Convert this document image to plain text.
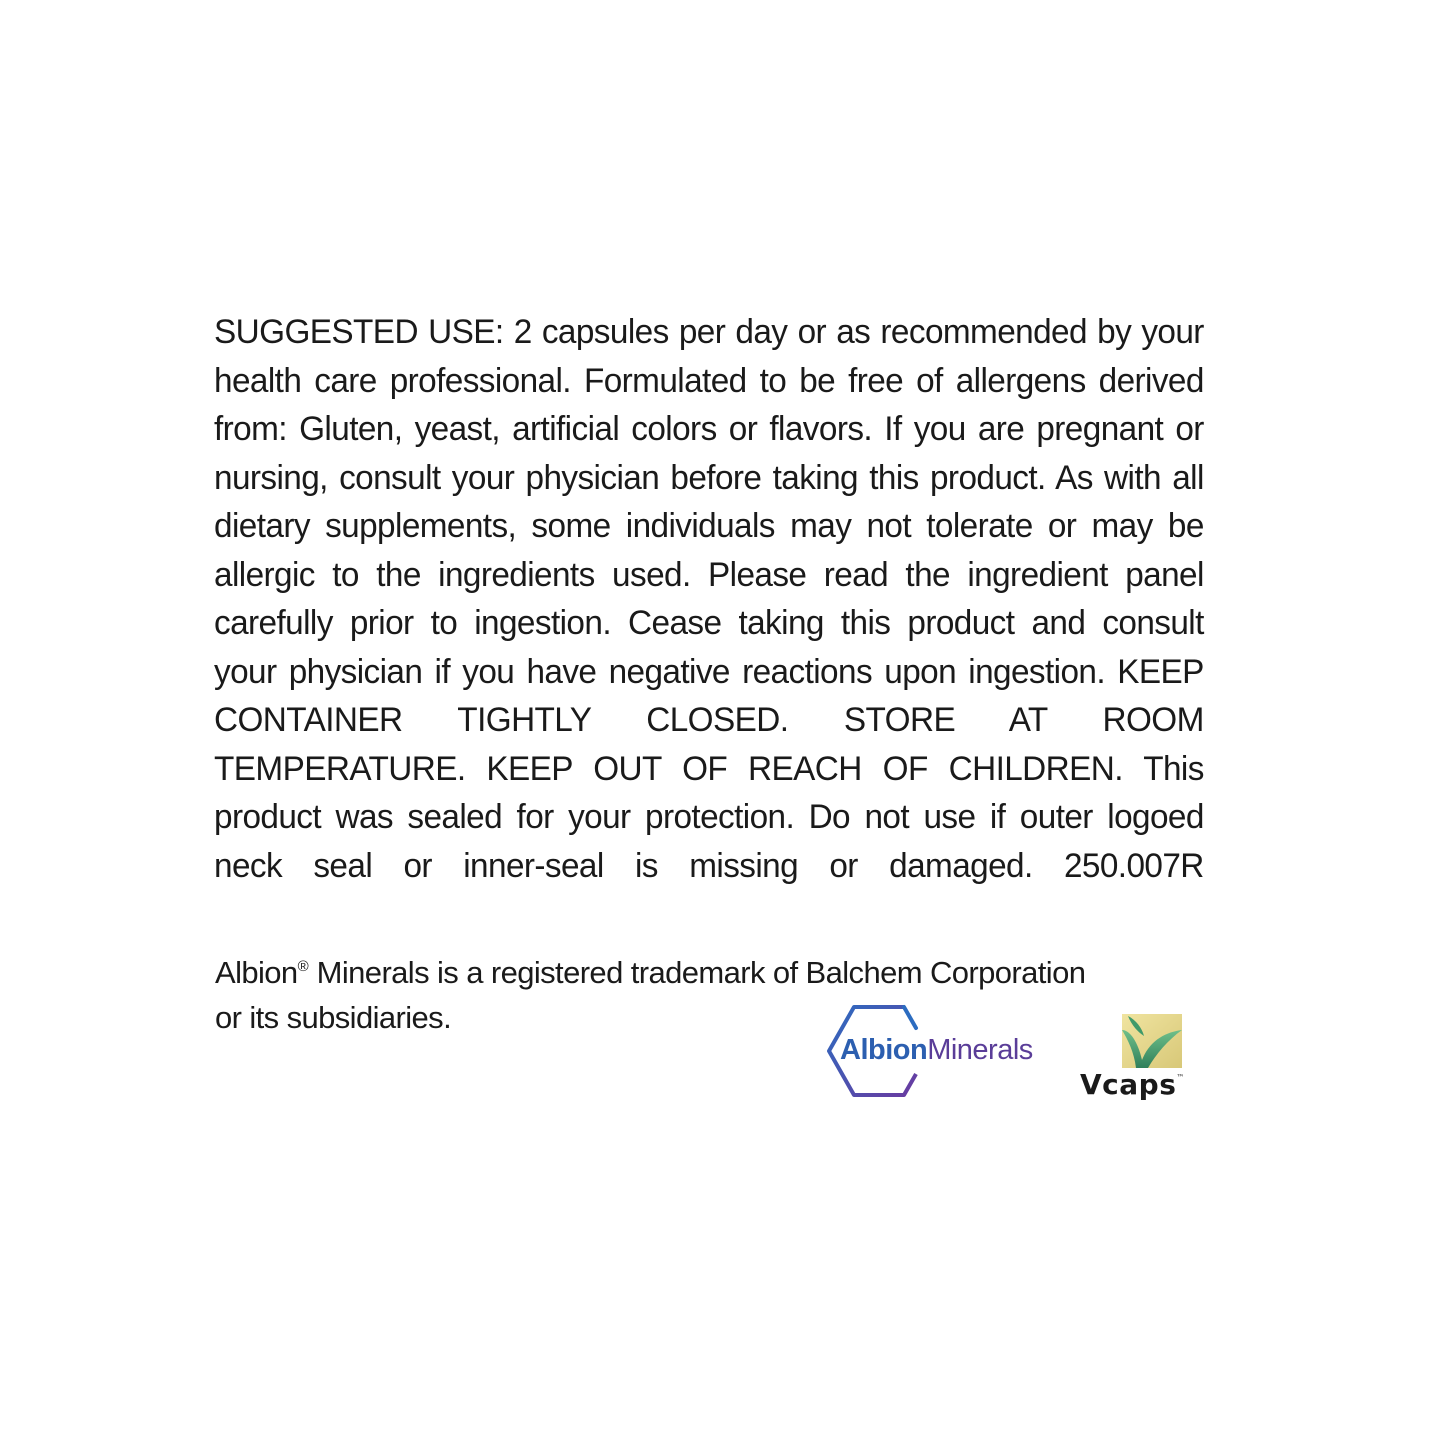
SUGGESTED USE: 2 capsules per day or as recommended by your
health care professional. Formulated to be free of allergens derived
from: Gluten, yeast, artificial colors or flavors. If you are pregnant or
nursing, consult your physician before taking this product. As with all
dietary supplements, some individuals may not tolerate or may be
allergic to the ingredients used. Please read the ingredient panel
carefully prior to ingestion. Cease taking this product and consult
your physician if you have negative reactions upon ingestion. KEEP
CONTAINER TIGHTLY CLOSED. STORE AT ROOM
TEMPERATURE. KEEP OUT OF REACH OF CHILDREN. This
product was sealed for your protection. Do not use if outer logoed
neck seal or inner-seal is missing or damaged. 250.007R

Albion® Minerals is a registered trademark of Balchem Corporation
or its subsidiaries.

AlbionMinerals
Vcaps™
